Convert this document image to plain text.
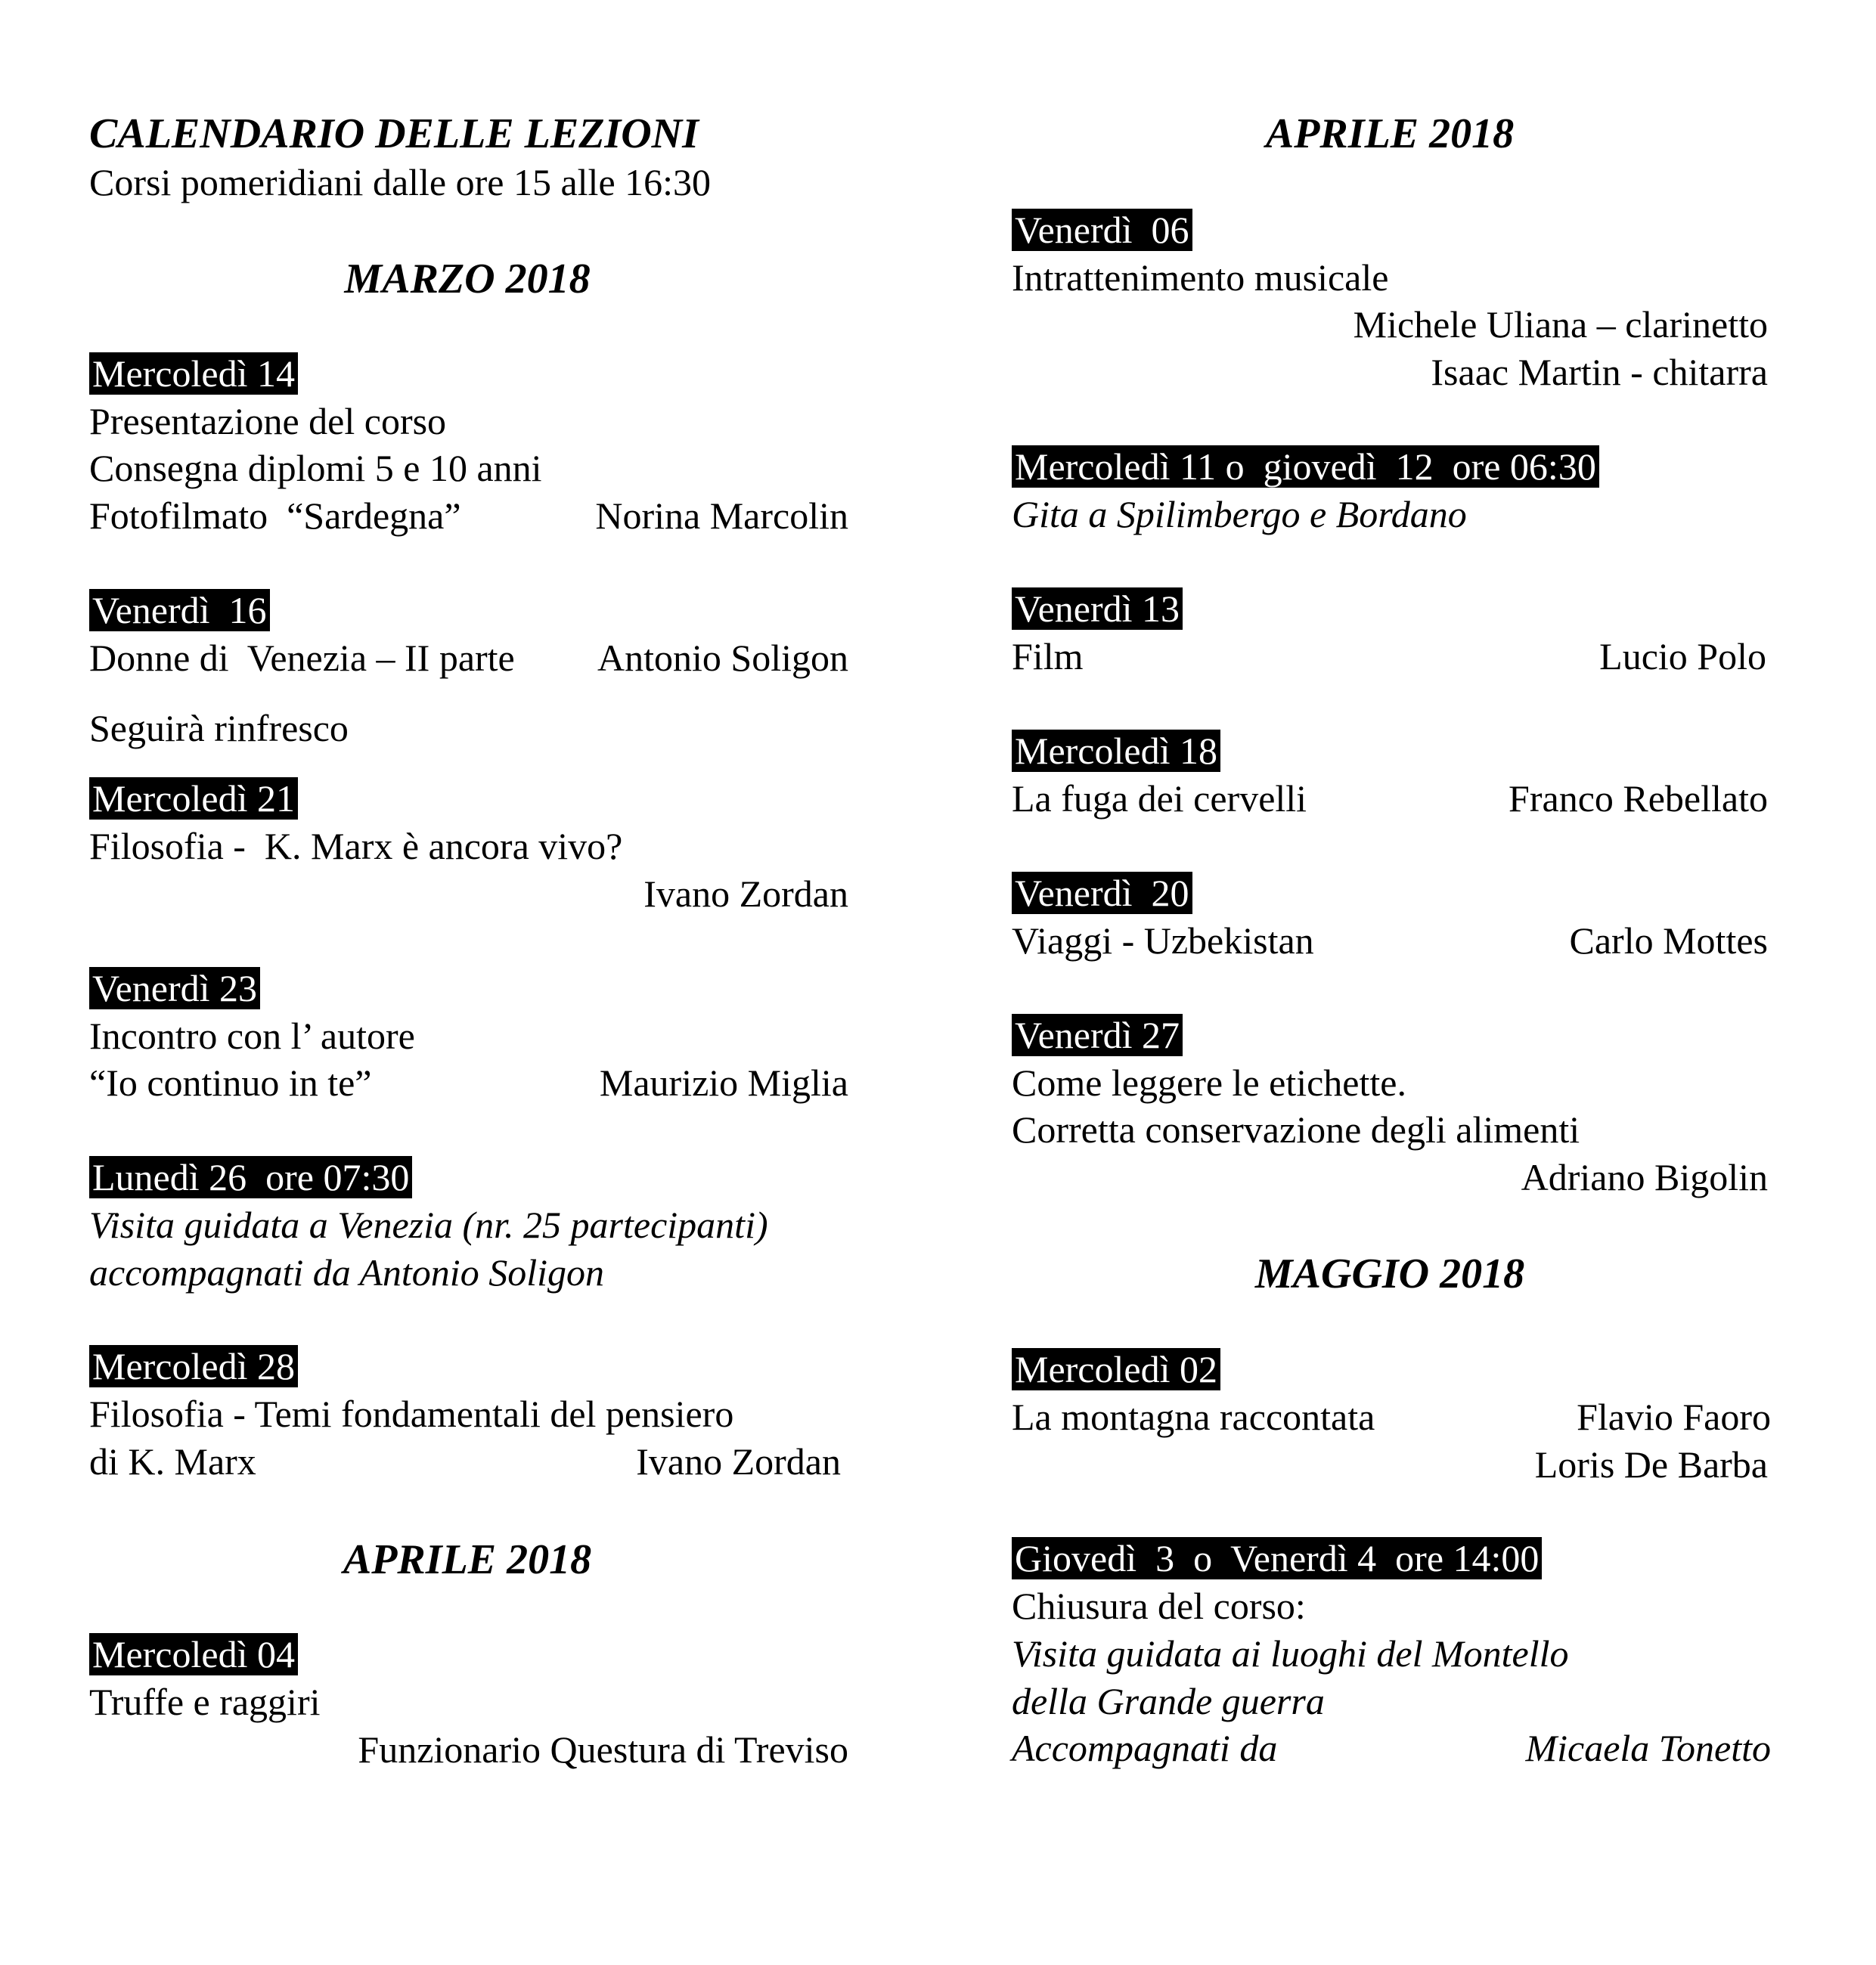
CALENDARIO DELLE LEZIONI
Corsi pomeridiani dalle ore 15 alle 16:30
MARZO 2018
Mercoledì 14
Presentazione del corso
Consegna diplomi 5 e 10 anni
Fotofilmato  “Sardegna”	Norina Marcolin
Venerdì  16
Donne di  Venezia – II parte	Antonio Soligon
Seguirà rinfresco
Mercoledì 21
Filosofia -  K. Marx è ancora vivo?
Ivano Zordan
Venerdì 23
Incontro con l’ autore
“Io continuo in te”	Maurizio Miglia
Lunedì 26  ore 07:30
Visita guidata a Venezia (nr. 25 partecipanti)
accompagnati da Antonio Soligon
Mercoledì 28
Filosofia - Temi fondamentali del pensiero
di K. Marx	Ivano Zordan
APRILE 2018
Mercoledì 04
Truffe e raggiri
Funzionario Questura di Treviso
APRILE 2018
Venerdì  06
Intrattenimento musicale
Michele Uliana – clarinetto
Isaac Martin - chitarra
Mercoledì 11 o  giovedì  12  ore 06:30
Gita a Spilimbergo e Bordano
Venerdì 13
Film	Lucio Polo
Mercoledì 18
La fuga dei cervelli	Franco Rebellato
Venerdì  20
Viaggi - Uzbekistan	Carlo Mottes
Venerdì 27
Come leggere le etichette.
Corretta conservazione degli alimenti
Adriano Bigolin
MAGGIO 2018
Mercoledì 02
La montagna raccontata	Flavio Faoro
Loris De Barba
Giovedì  3  o  Venerdì 4  ore 14:00
Chiusura del corso:
Visita guidata ai luoghi del Montello
della Grande guerra
Accompagnati da	Micaela Tonetto
